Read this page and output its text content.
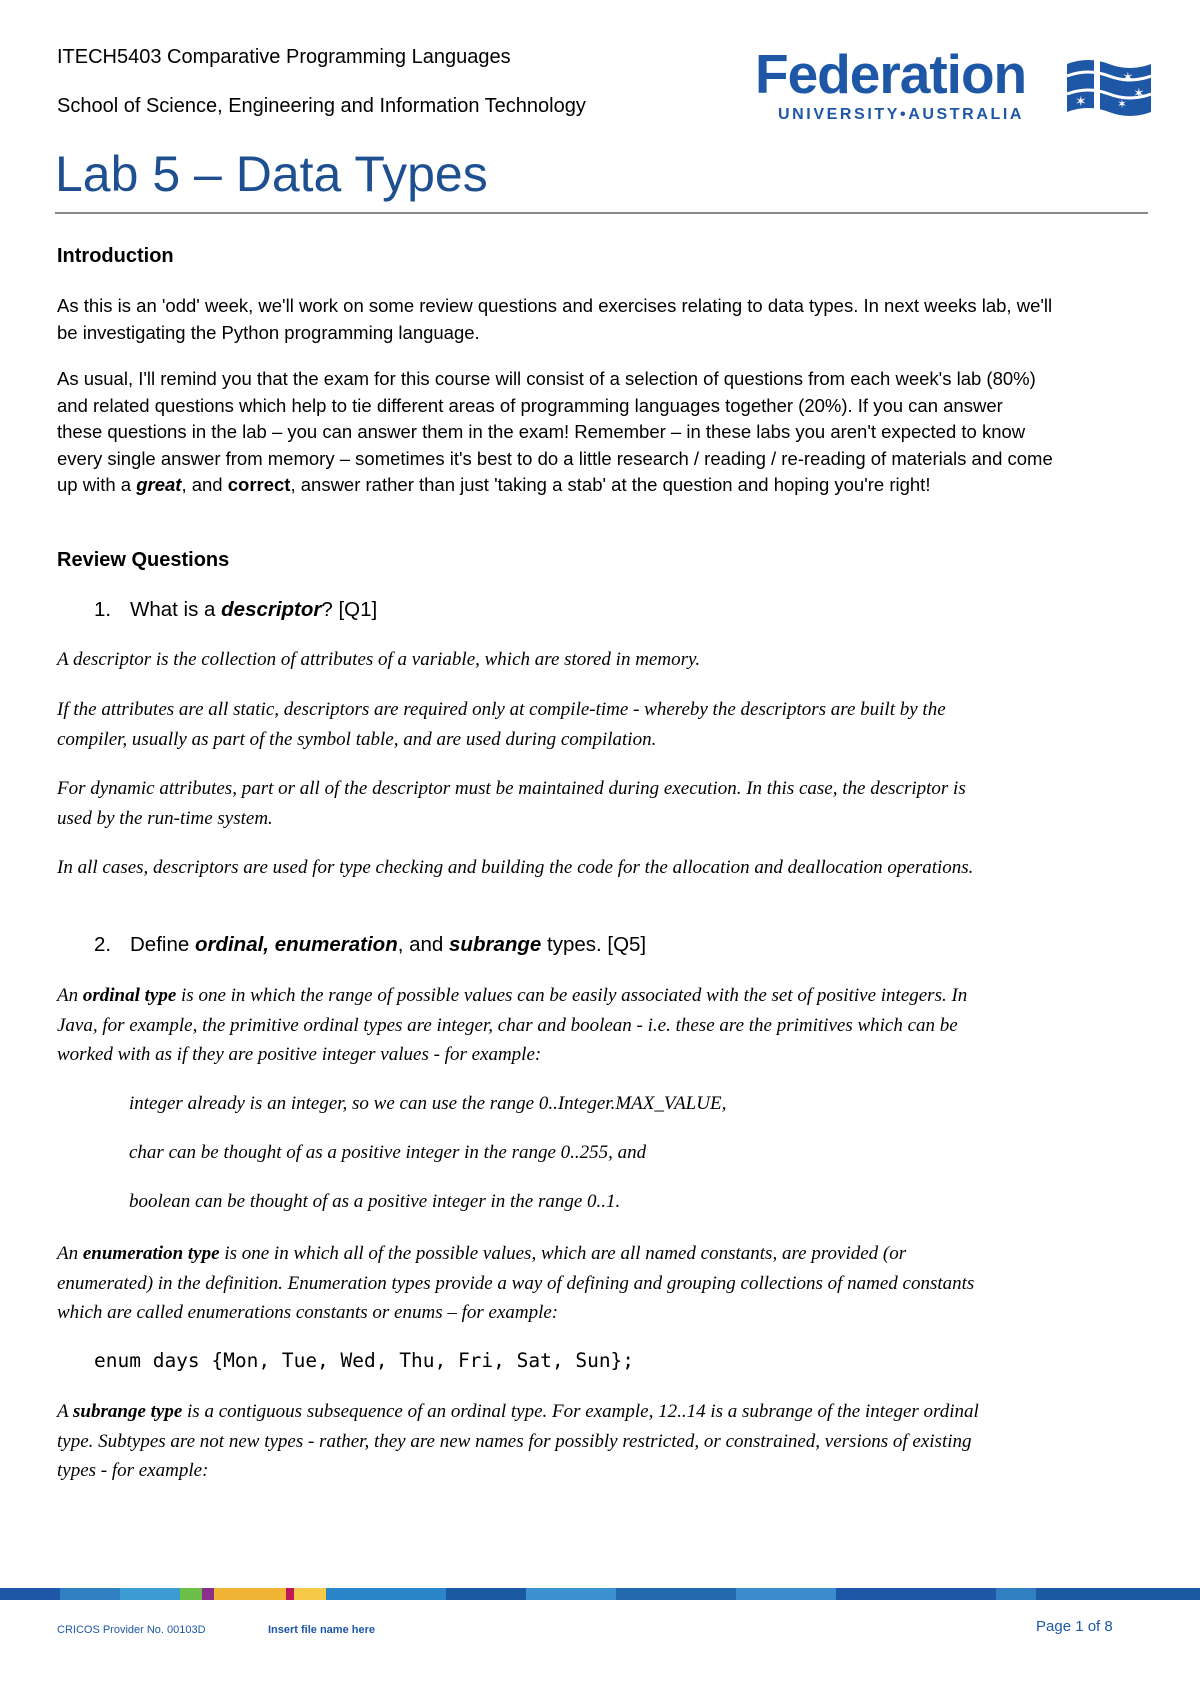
ITECH5403 Comparative Programming Languages
School of Science, Engineering and Information Technology
Federation
UNIVERSITY•AUSTRALIA
✶
✶
✶
✶
Lab 5 – Data Types
Introduction
As this is an 'odd' week, we'll work on some review questions and exercises relating to data types. In next weeks lab, we'll
be investigating the Python programming language.
As usual, I'll remind you that the exam for this course will consist of a selection of questions from each week's lab (80%)
and related questions which help to tie different areas of programming languages together (20%). If you can answer
these questions in the lab – you can answer them in the exam! Remember – in these labs you aren't expected to know
every single answer from memory – sometimes it's best to do a little research / reading / re-reading of materials and come
up with a great, and correct, answer rather than just 'taking a stab' at the question and hoping you're right!
Review Questions
1. What is a descriptor? [Q1]
A descriptor is the collection of attributes of a variable, which are stored in memory.
If the attributes are all static, descriptors are required only at compile-time - whereby the descriptors are built by the
compiler, usually as part of the symbol table, and are used during compilation.
For dynamic attributes, part or all of the descriptor must be maintained during execution. In this case, the descriptor is
used by the run-time system.
In all cases, descriptors are used for type checking and building the code for the allocation and deallocation operations.
2. Define ordinal, enumeration, and subrange types. [Q5]
An ordinal type is one in which the range of possible values can be easily associated with the set of positive integers. In
Java, for example, the primitive ordinal types are integer, char and boolean - i.e. these are the primitives which can be
worked with as if they are positive integer values - for example:
integer already is an integer, so we can use the range 0..Integer.MAX_VALUE,
char can be thought of as a positive integer in the range 0..255, and
boolean can be thought of as a positive integer in the range 0..1.
An enumeration type is one in which all of the possible values, which are all named constants, are provided (or
enumerated) in the definition. Enumeration types provide a way of defining and grouping collections of named constants
which are called enumerations constants or enums – for example:
enum days {Mon, Tue, Wed, Thu, Fri, Sat, Sun};
A subrange type is a contiguous subsequence of an ordinal type. For example, 12..14 is a subrange of the integer ordinal
type. Subtypes are not new types - rather, they are new names for possibly restricted, or constrained, versions of existing
types - for example:
CRICOS Provider No. 00103D	Insert file name here	Page 1 of 8
